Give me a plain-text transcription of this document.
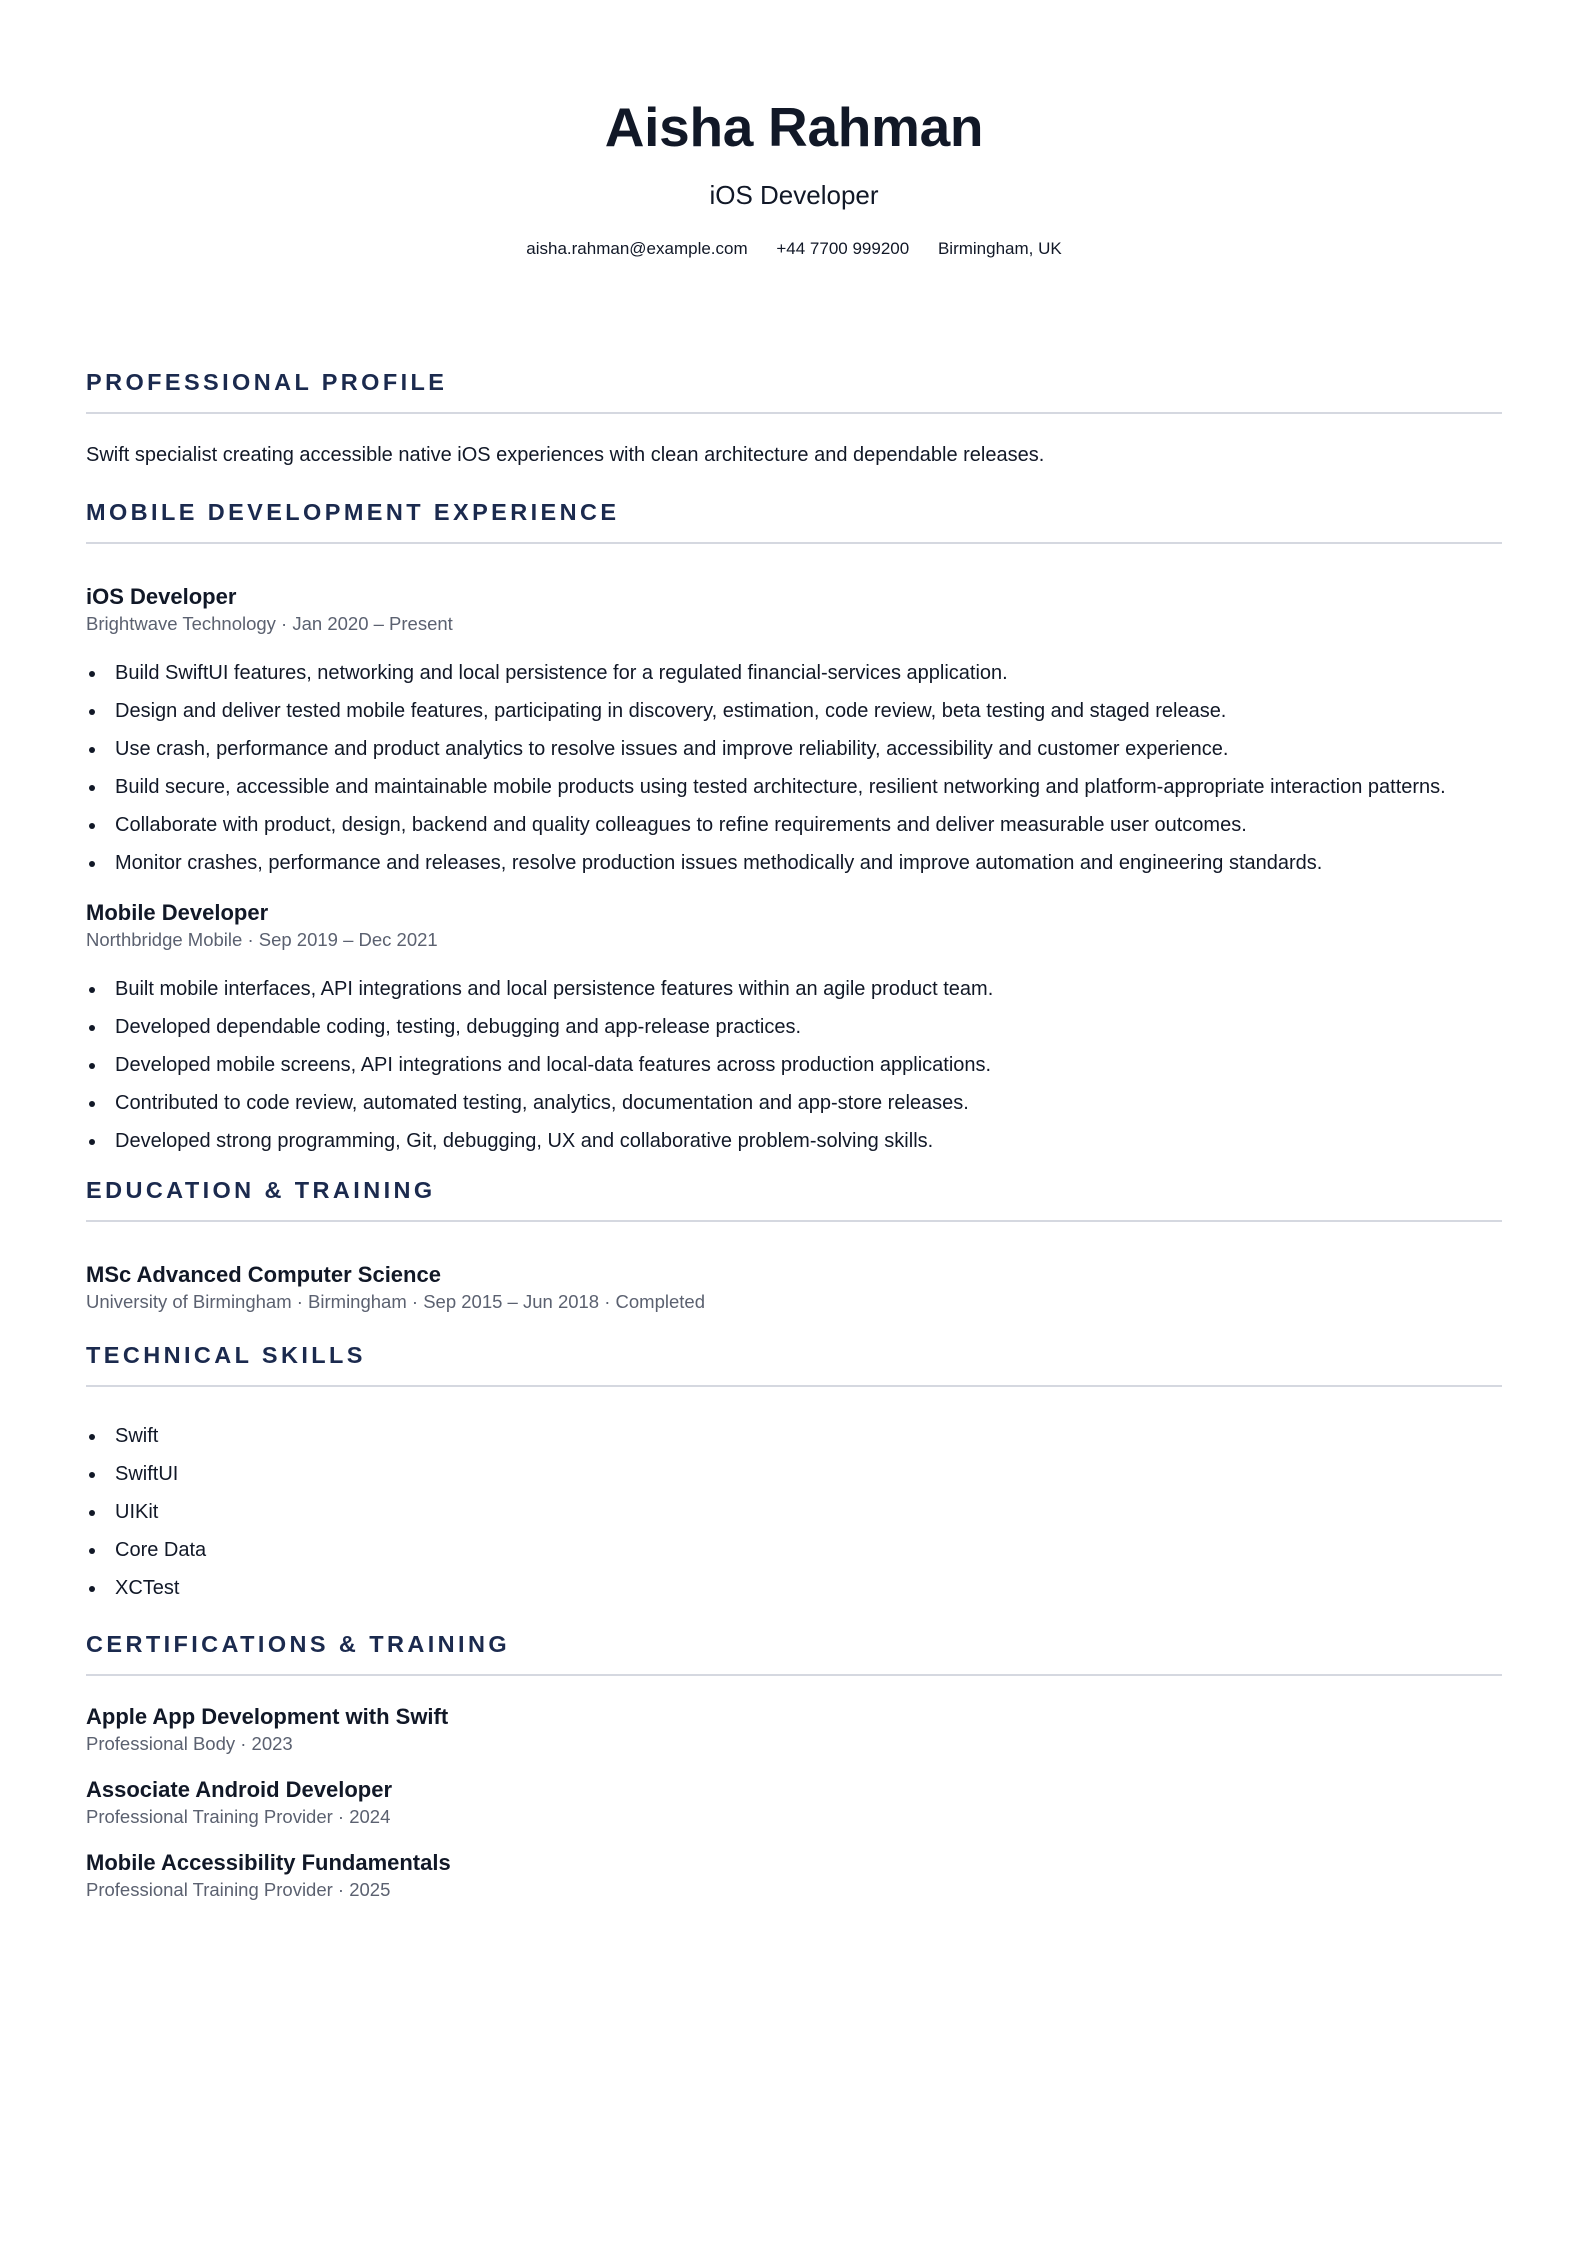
Aisha Rahman
iOS Developer
aisha.rahman@example.com +44 7700 999200 Birmingham, UK
PROFESSIONAL PROFILE

Swift specialist creating accessible native iOS experiences with clean architecture and dependable releases.

MOBILE DEVELOPMENT EXPERIENCE
iOS Developer
Brightwave Technology · Jan 2020 – Present
Build SwiftUI features, networking and local persistence for a regulated financial-services application.
Design and deliver tested mobile features, participating in discovery, estimation, code review, beta testing and staged release.
Use crash, performance and product analytics to resolve issues and improve reliability, accessibility and customer experience.
Build secure, accessible and maintainable mobile products using tested architecture, resilient networking and platform-appropriate interaction patterns.
Collaborate with product, design, backend and quality colleagues to refine requirements and deliver measurable user outcomes.
Monitor crashes, performance and releases, resolve production issues methodically and improve automation and engineering standards.
Mobile Developer
Northbridge Mobile · Sep 2019 – Dec 2021
Built mobile interfaces, API integrations and local persistence features within an agile product team.
Developed dependable coding, testing, debugging and app-release practices.
Developed mobile screens, API integrations and local-data features across production applications.
Contributed to code review, automated testing, analytics, documentation and app-store releases.
Developed strong programming, Git, debugging, UX and collaborative problem-solving skills.
EDUCATION & TRAINING
MSc Advanced Computer Science
University of Birmingham · Birmingham · Sep 2015 – Jun 2018 · Completed
TECHNICAL SKILLS
Swift
SwiftUI
UIKit
Core Data
XCTest
CERTIFICATIONS & TRAINING
Apple App Development with Swift
Professional Body · 2023
Associate Android Developer
Professional Training Provider · 2024
Mobile Accessibility Fundamentals
Professional Training Provider · 2025
